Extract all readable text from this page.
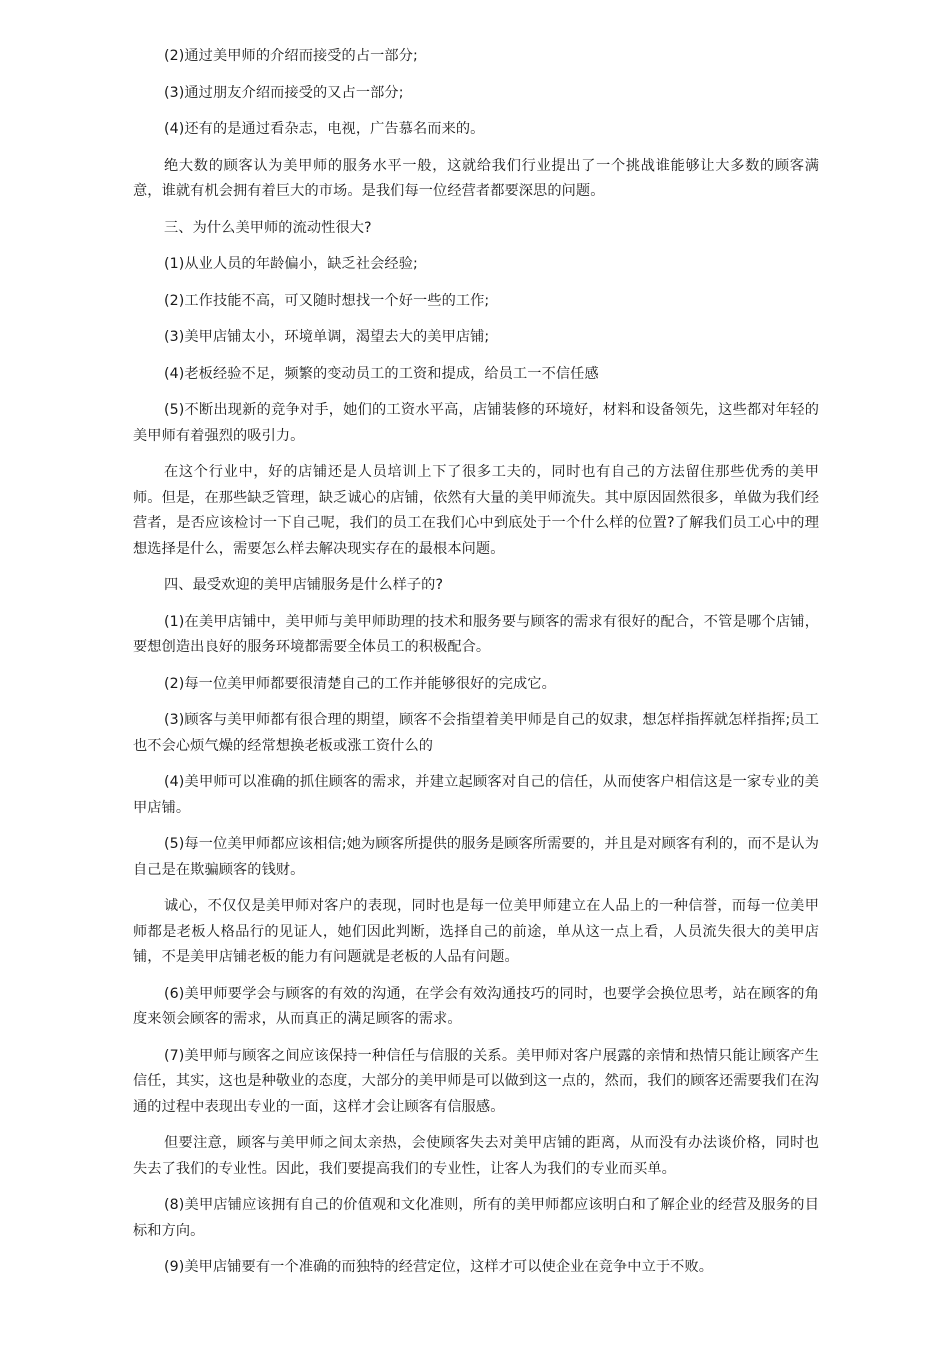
(2)通过美甲师的介绍而接受的占一部分;

(3)通过朋友介绍而接受的又占一部分;

(4)还有的是通过看杂志，电视，广告慕名而来的。

绝大数的顾客认为美甲师的服务水平一般，这就给我们行业提出了一个挑战谁能够让大多数的顾客满意，谁就有机会拥有着巨大的市场。是我们每一位经营者都要深思的问题。

三、为什么美甲师的流动性很大?

(1)从业人员的年龄偏小，缺乏社会经验;

(2)工作技能不高，可又随时想找一个好一些的工作;

(3)美甲店铺太小，环境单调，渴望去大的美甲店铺;

(4)老板经验不足，频繁的变动员工的工资和提成，给员工一不信任感

(5)不断出现新的竞争对手，她们的工资水平高，店铺装修的环境好，材料和设备领先，这些都对年轻的美甲师有着强烈的吸引力。

在这个行业中，好的店铺还是人员培训上下了很多工夫的，同时也有自己的方法留住那些优秀的美甲师。但是，在那些缺乏管理，缺乏诚心的店铺，依然有大量的美甲师流失。其中原因固然很多，单做为我们经营者，是否应该检讨一下自己呢，我们的员工在我们心中到底处于一个什么样的位置?了解我们员工心中的理想选择是什么，需要怎么样去解决现实存在的最根本问题。

四、最受欢迎的美甲店铺服务是什么样子的?

(1)在美甲店铺中，美甲师与美甲师助理的技术和服务要与顾客的需求有很好的配合，不管是哪个店铺，要想创造出良好的服务环境都需要全体员工的积极配合。

(2)每一位美甲师都要很清楚自己的工作并能够很好的完成它。

(3)顾客与美甲师都有很合理的期望，顾客不会指望着美甲师是自己的奴隶，想怎样指挥就怎样指挥;员工也不会心烦气燥的经常想换老板或涨工资什么的

(4)美甲师可以准确的抓住顾客的需求，并建立起顾客对自己的信任，从而使客户相信这是一家专业的美甲店铺。

(5)每一位美甲师都应该相信;她为顾客所提供的服务是顾客所需要的，并且是对顾客有利的，而不是认为自己是在欺骗顾客的钱财。

诚心，不仅仅是美甲师对客户的表现，同时也是每一位美甲师建立在人品上的一种信誉，而每一位美甲师都是老板人格品行的见证人，她们因此判断，选择自己的前途，单从这一点上看，人员流失很大的美甲店铺，不是美甲店铺老板的能力有问题就是老板的人品有问题。

(6)美甲师要学会与顾客的有效的沟通，在学会有效沟通技巧的同时，也要学会换位思考，站在顾客的角度来领会顾客的需求，从而真正的满足顾客的需求。

(7)美甲师与顾客之间应该保持一种信任与信服的关系。美甲师对客户展露的亲情和热情只能让顾客产生信任，其实，这也是种敬业的态度，大部分的美甲师是可以做到这一点的，然而，我们的顾客还需要我们在沟通的过程中表现出专业的一面，这样才会让顾客有信服感。

但要注意，顾客与美甲师之间太亲热，会使顾客失去对美甲店铺的距离，从而没有办法谈价格，同时也失去了我们的专业性。因此，我们要提高我们的专业性，让客人为我们的专业而买单。

(8)美甲店铺应该拥有自己的价值观和文化准则，所有的美甲师都应该明白和了解企业的经营及服务的目标和方向。

(9)美甲店铺要有一个准确的而独特的经营定位，这样才可以使企业在竞争中立于不败。
